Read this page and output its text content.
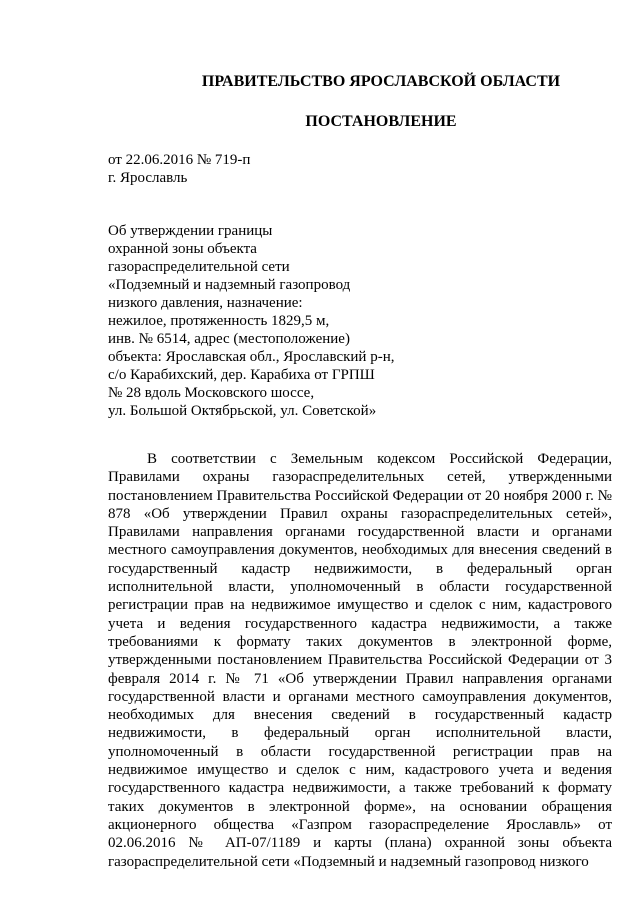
ПРАВИТЕЛЬСТВО ЯРОСЛАВСКОЙ ОБЛАСТИ
ПОСТАНОВЛЕНИЕ
от 22.06.2016 № 719-п
г. Ярославль
Об утверждении границы
охранной зоны объекта
газораспределительной сети
«Подземный и надземный газопровод
низкого давления, назначение:
нежилое, протяженность 1829,5 м,
инв. № 6514, адрес (местоположение)
объекта: Ярославская обл., Ярославский р-н,
с/о Карабихский, дер. Карабиха от ГРПШ
№ 28 вдоль Московского шоссе,
ул. Большой Октябрьской, ул. Советской»

В соответствии с Земельным кодексом Российской Федерации, Правилами охраны газораспределительных сетей, утвержденными постановлением Правительства Российской Федерации от 20 ноября 2000 г. № 878 «Об утверждении Правил охраны газораспределительных сетей», Правилами направления органами государственной власти и органами местного самоуправления документов, необходимых для внесения сведений в государственный кадастр недвижимости, в федеральный орган исполнительной власти, уполномоченный в области государственной регистрации прав на недвижимое имущество и сделок с ним, кадастрового учета и ведения государственного кадастра недвижимости, а также требованиями к формату таких документов в электронной форме, утвержденными постановлением Правительства Российской Федерации от 3 февраля 2014 г. № 71 «Об утверждении Правил направления органами государственной власти и органами местного самоуправления документов, необходимых для внесения сведений в государственный кадастр недвижимости, в федеральный орган исполнительной власти, уполномоченный в области государственной регистрации прав на недвижимое имущество и сделок с ним, кадастрового учета и ведения государственного кадастра недвижимости, а также требований к формату таких документов в электронной форме», на основании обращения акционерного общества «Газпром газораспределение Ярославль» от 02.06.2016 № АП-07/1189 и карты (плана) охранной зоны объекта газораспределительной сети «Подземный и надземный газопровод низкого
